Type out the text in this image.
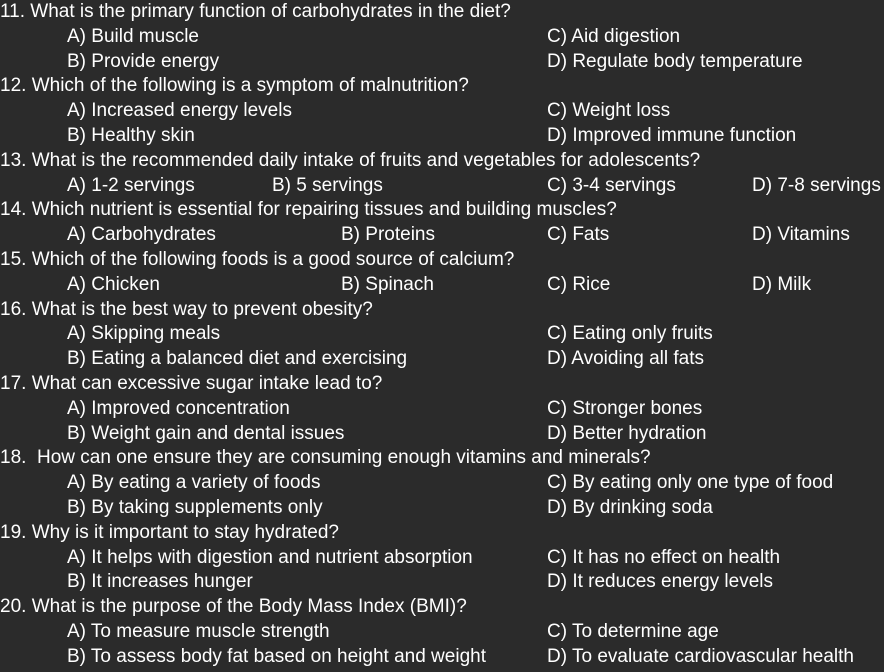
11. What is the primary function of carbohydrates in the diet?
A) Build muscle	C) Aid digestion
B) Provide energy	D) Regulate body temperature
12. Which of the following is a symptom of malnutrition?
A) Increased energy levels	C) Weight loss
B) Healthy skin	D) Improved immune function
13. What is the recommended daily intake of fruits and vegetables for adolescents?
A) 1-2 servings	B) 5 servings	C) 3-4 servings	D) 7-8 servings
14. Which nutrient is essential for repairing tissues and building muscles?
A) Carbohydrates	B) Proteins	C) Fats	D) Vitamins
15. Which of the following foods is a good source of calcium?
A) Chicken	B) Spinach	C) Rice	D) Milk
16. What is the best way to prevent obesity?
A) Skipping meals	C) Eating only fruits
B) Eating a balanced diet and exercising	D) Avoiding all fats
17. What can excessive sugar intake lead to?
A) Improved concentration	C) Stronger bones
B) Weight gain and dental issues	D) Better hydration
18.  How can one ensure they are consuming enough vitamins and minerals?
A) By eating a variety of foods	C) By eating only one type of food
B) By taking supplements only	D) By drinking soda
19. Why is it important to stay hydrated?
A) It helps with digestion and nutrient absorption	C) It has no effect on health
B) It increases hunger	D) It reduces energy levels
20. What is the purpose of the Body Mass Index (BMI)?
A) To measure muscle strength	C) To determine age
B) To assess body fat based on height and weight	D) To evaluate cardiovascular health
